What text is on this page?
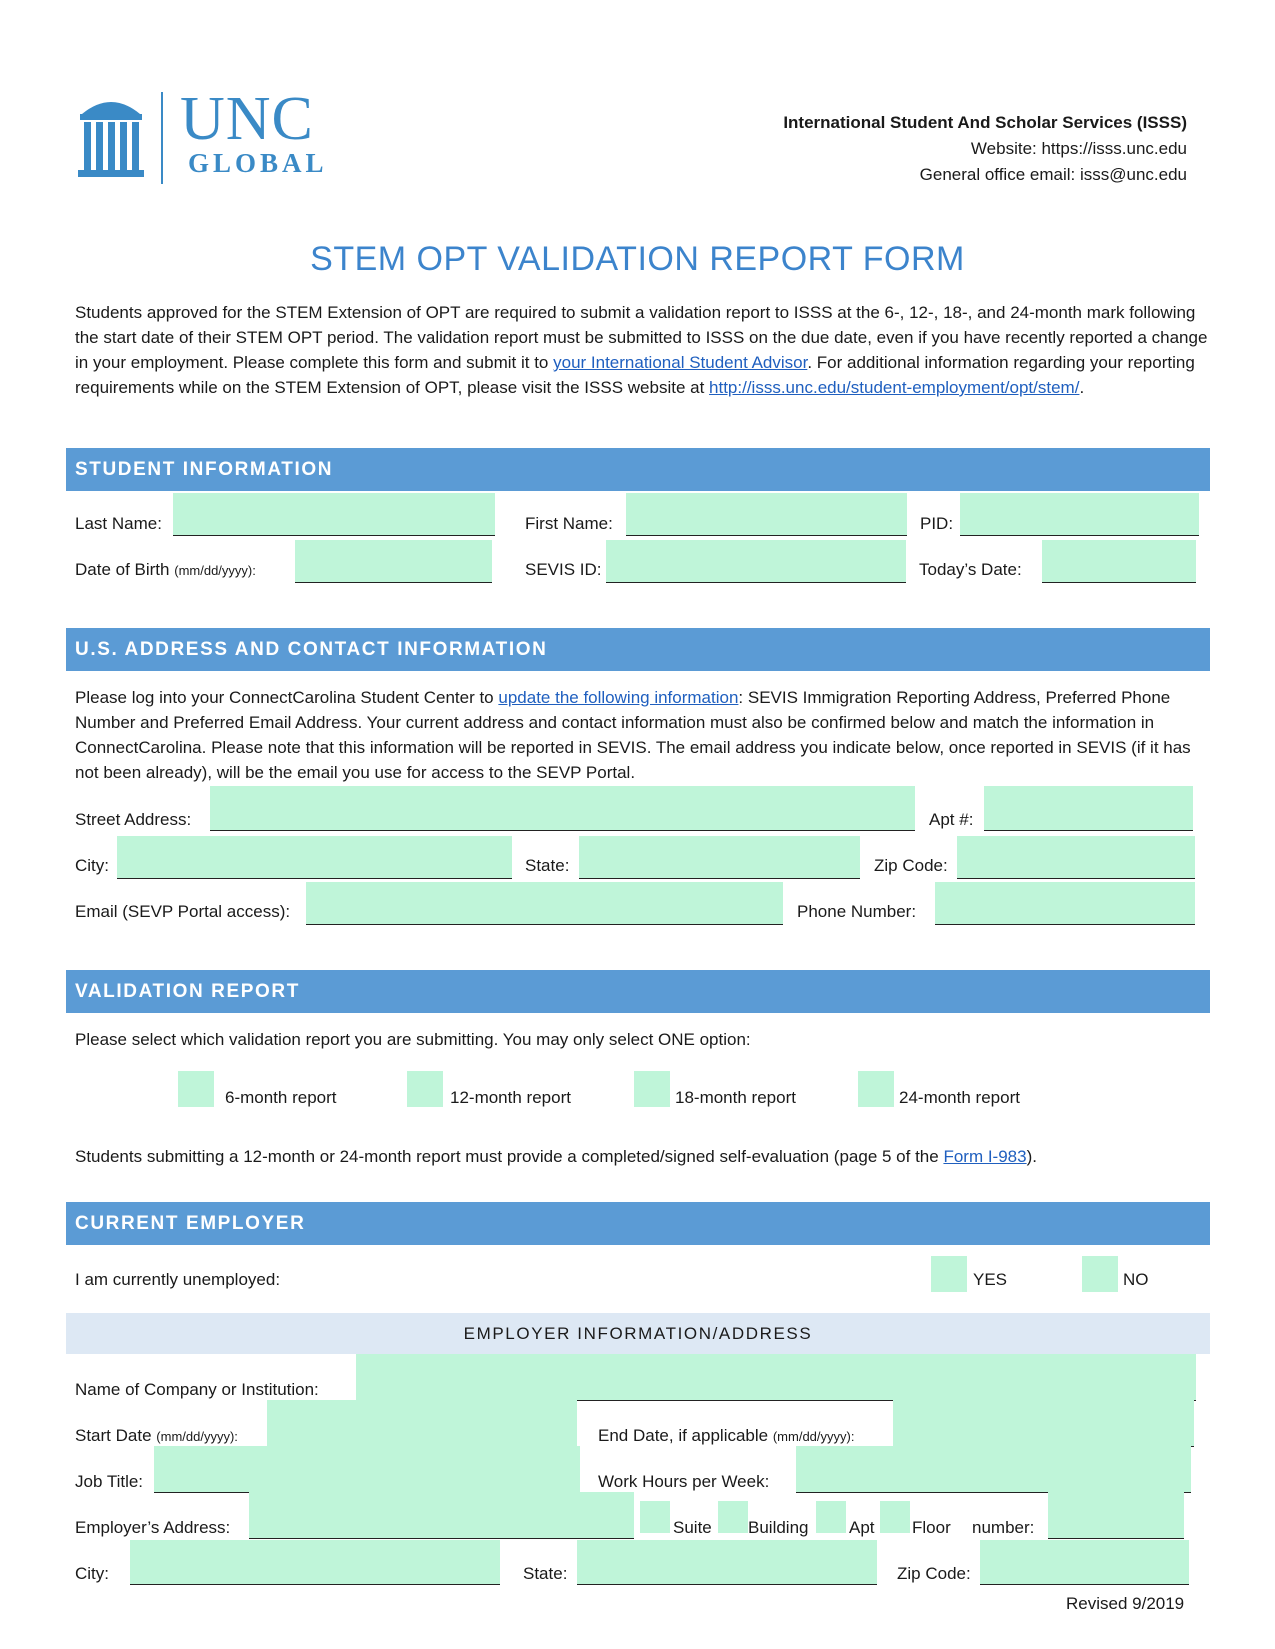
UNC
GLOBAL
International Student And Scholar Services (ISSS)
Website: https://isss.unc.edu
General office email: isss@unc.edu
STEM OPT VALIDATION REPORT FORM
Students approved for the STEM Extension of OPT are required to submit a validation report to ISSS at the 6-, 12-, 18-, and 24-month mark following the start date of their STEM OPT period. The validation report must be submitted to ISSS on the due date, even if you have recently reported a change in your employment. Please complete this form and submit it to your International Student Advisor. For additional information regarding your reporting requirements while on the STEM Extension of OPT, please visit the ISSS website at http://isss.unc.edu/student-employment/opt/stem/.
STUDENT INFORMATION
Last Name:	First Name:	PID:
Date of Birth (mm/dd/yyyy):	SEVIS ID:	Today’s Date:
U.S. ADDRESS AND CONTACT INFORMATION
Please log into your ConnectCarolina Student Center to update the following information: SEVIS Immigration Reporting Address, Preferred Phone Number and Preferred Email Address. Your current address and contact information must also be confirmed below and match the information in ConnectCarolina. Please note that this information will be reported in SEVIS. The email address you indicate below, once reported in SEVIS (if it has not been already), will be the email you use for access to the SEVP Portal.
Street Address:	Apt #:
City:	State:	Zip Code:
Email (SEVP Portal access):	Phone Number:
VALIDATION REPORT
Please select which validation report you are submitting. You may only select ONE option:
6-month report	12-month report	18-month report	24-month report
Students submitting a 12-month or 24-month report must provide a completed/signed self-evaluation (page 5 of the Form I-983).
CURRENT EMPLOYER
I am currently unemployed:	YES	NO
EMPLOYER INFORMATION/ADDRESS
Name of Company or Institution:
Start Date (mm/dd/yyyy):	End Date, if applicable (mm/dd/yyyy):
Job Title:	Work Hours per Week:
Employer’s Address:	Suite Building Apt Floor number:
City:	State:	Zip Code:
Revised 9/2019
